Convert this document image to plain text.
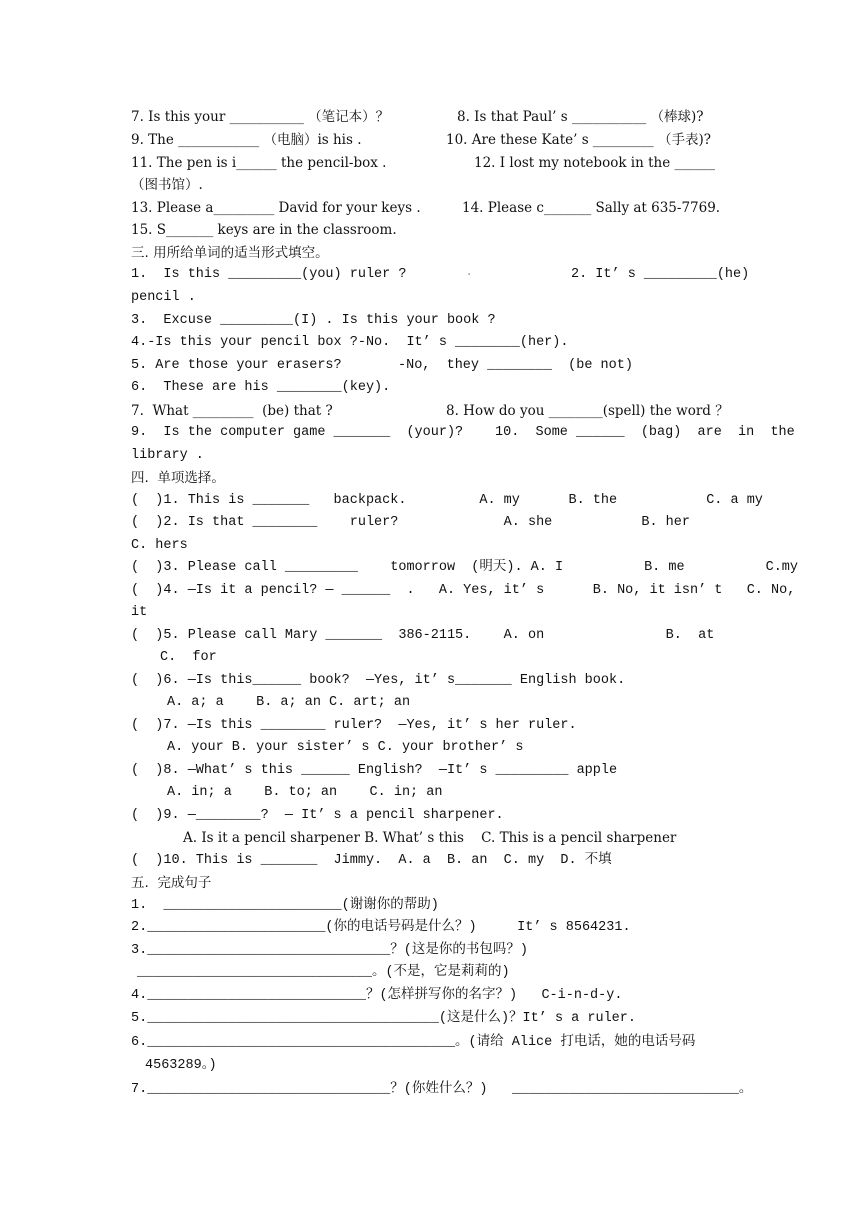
7. Is this your ___________ （笔记本）？	8. Is that Paul’ s ___________ （棒球)?
9. The ____________ （电脑）is his .	10. Are these Kate’ s _________ （手表)?
11. The pen is i______ the pencil-box .	12. I lost my notebook in the ______
（图书馆）.
13. Please a_________ David for your keys .	14. Please c_______ Sally at 635-7769.
15. S_______ keys are in the classroom.
三. 用所给单词的适当形式填空。
1.  Is this _________(you) ruler ?	·	2. It’ s _________(he)
pencil .
3.  Excuse _________(I) . Is this your book ?
4.-Is this your pencil box ?-No.  It’ s ________(her).
5. Are those your erasers?	-No,  they ________  (be not)
6.  These are his ________(key).
7.  What _________  (be) that ?	8. How do you ________(spell) the word ？
9.  Is the computer game _______  (your)? 10.  Some ______  (bag)  are  in  the
library .
四.  单项选择。
(  )1. This is _______   backpack.         A. my      B. the           C. a my
(  )2. Is that ________    ruler?             A. she           B. her
C. hers
(  )3. Please call _________    tomorrow  (明天). A. I          B. me          C.my
(  )4. —Is it a pencil? — ______  .   A. Yes, it’ s      B. No, it isn’ t   C. No,
it
(  )5. Please call Mary _______  386-2115.    A. on               B.  at
C.  for
(  )6. —Is this______ book?  —Yes, it’ s_______ English book.
A. a; a    B. a; an C. art; an
(  )7. —Is this ________ ruler?  —Yes, it’ s her ruler.
A. your B. your sister’ s C. your brother’ s
(  )8. —What’ s this ______ English?  —It’ s _________ apple
A. in; a    B. to; an    C. in; an
(  )9. —________?  — It’ s a pencil sharpener.
A. Is it a pencil sharpener B. What’ s this    C. This is a pencil sharpener
(  )10. This is _______  Jimmy.  A. a  B. an  C. my  D. 不填
五.  完成句子
1.  ______________________(谢谢你的帮助)
2.______________________(你的电话号码是什么？)     It’ s 8564231.
3.______________________________？(这是你的书包吗？)
_____________________________。(不是，它是莉莉的)
4.___________________________？(怎样拼写你的名字？)   C-i-n-d-y.
5.____________________________________(这是什么)？It’ s a ruler.
6.______________________________________。(请给 Alice 打电话，她的电话号码
4563289。)
7.______________________________？(你姓什么？) ____________________________。
